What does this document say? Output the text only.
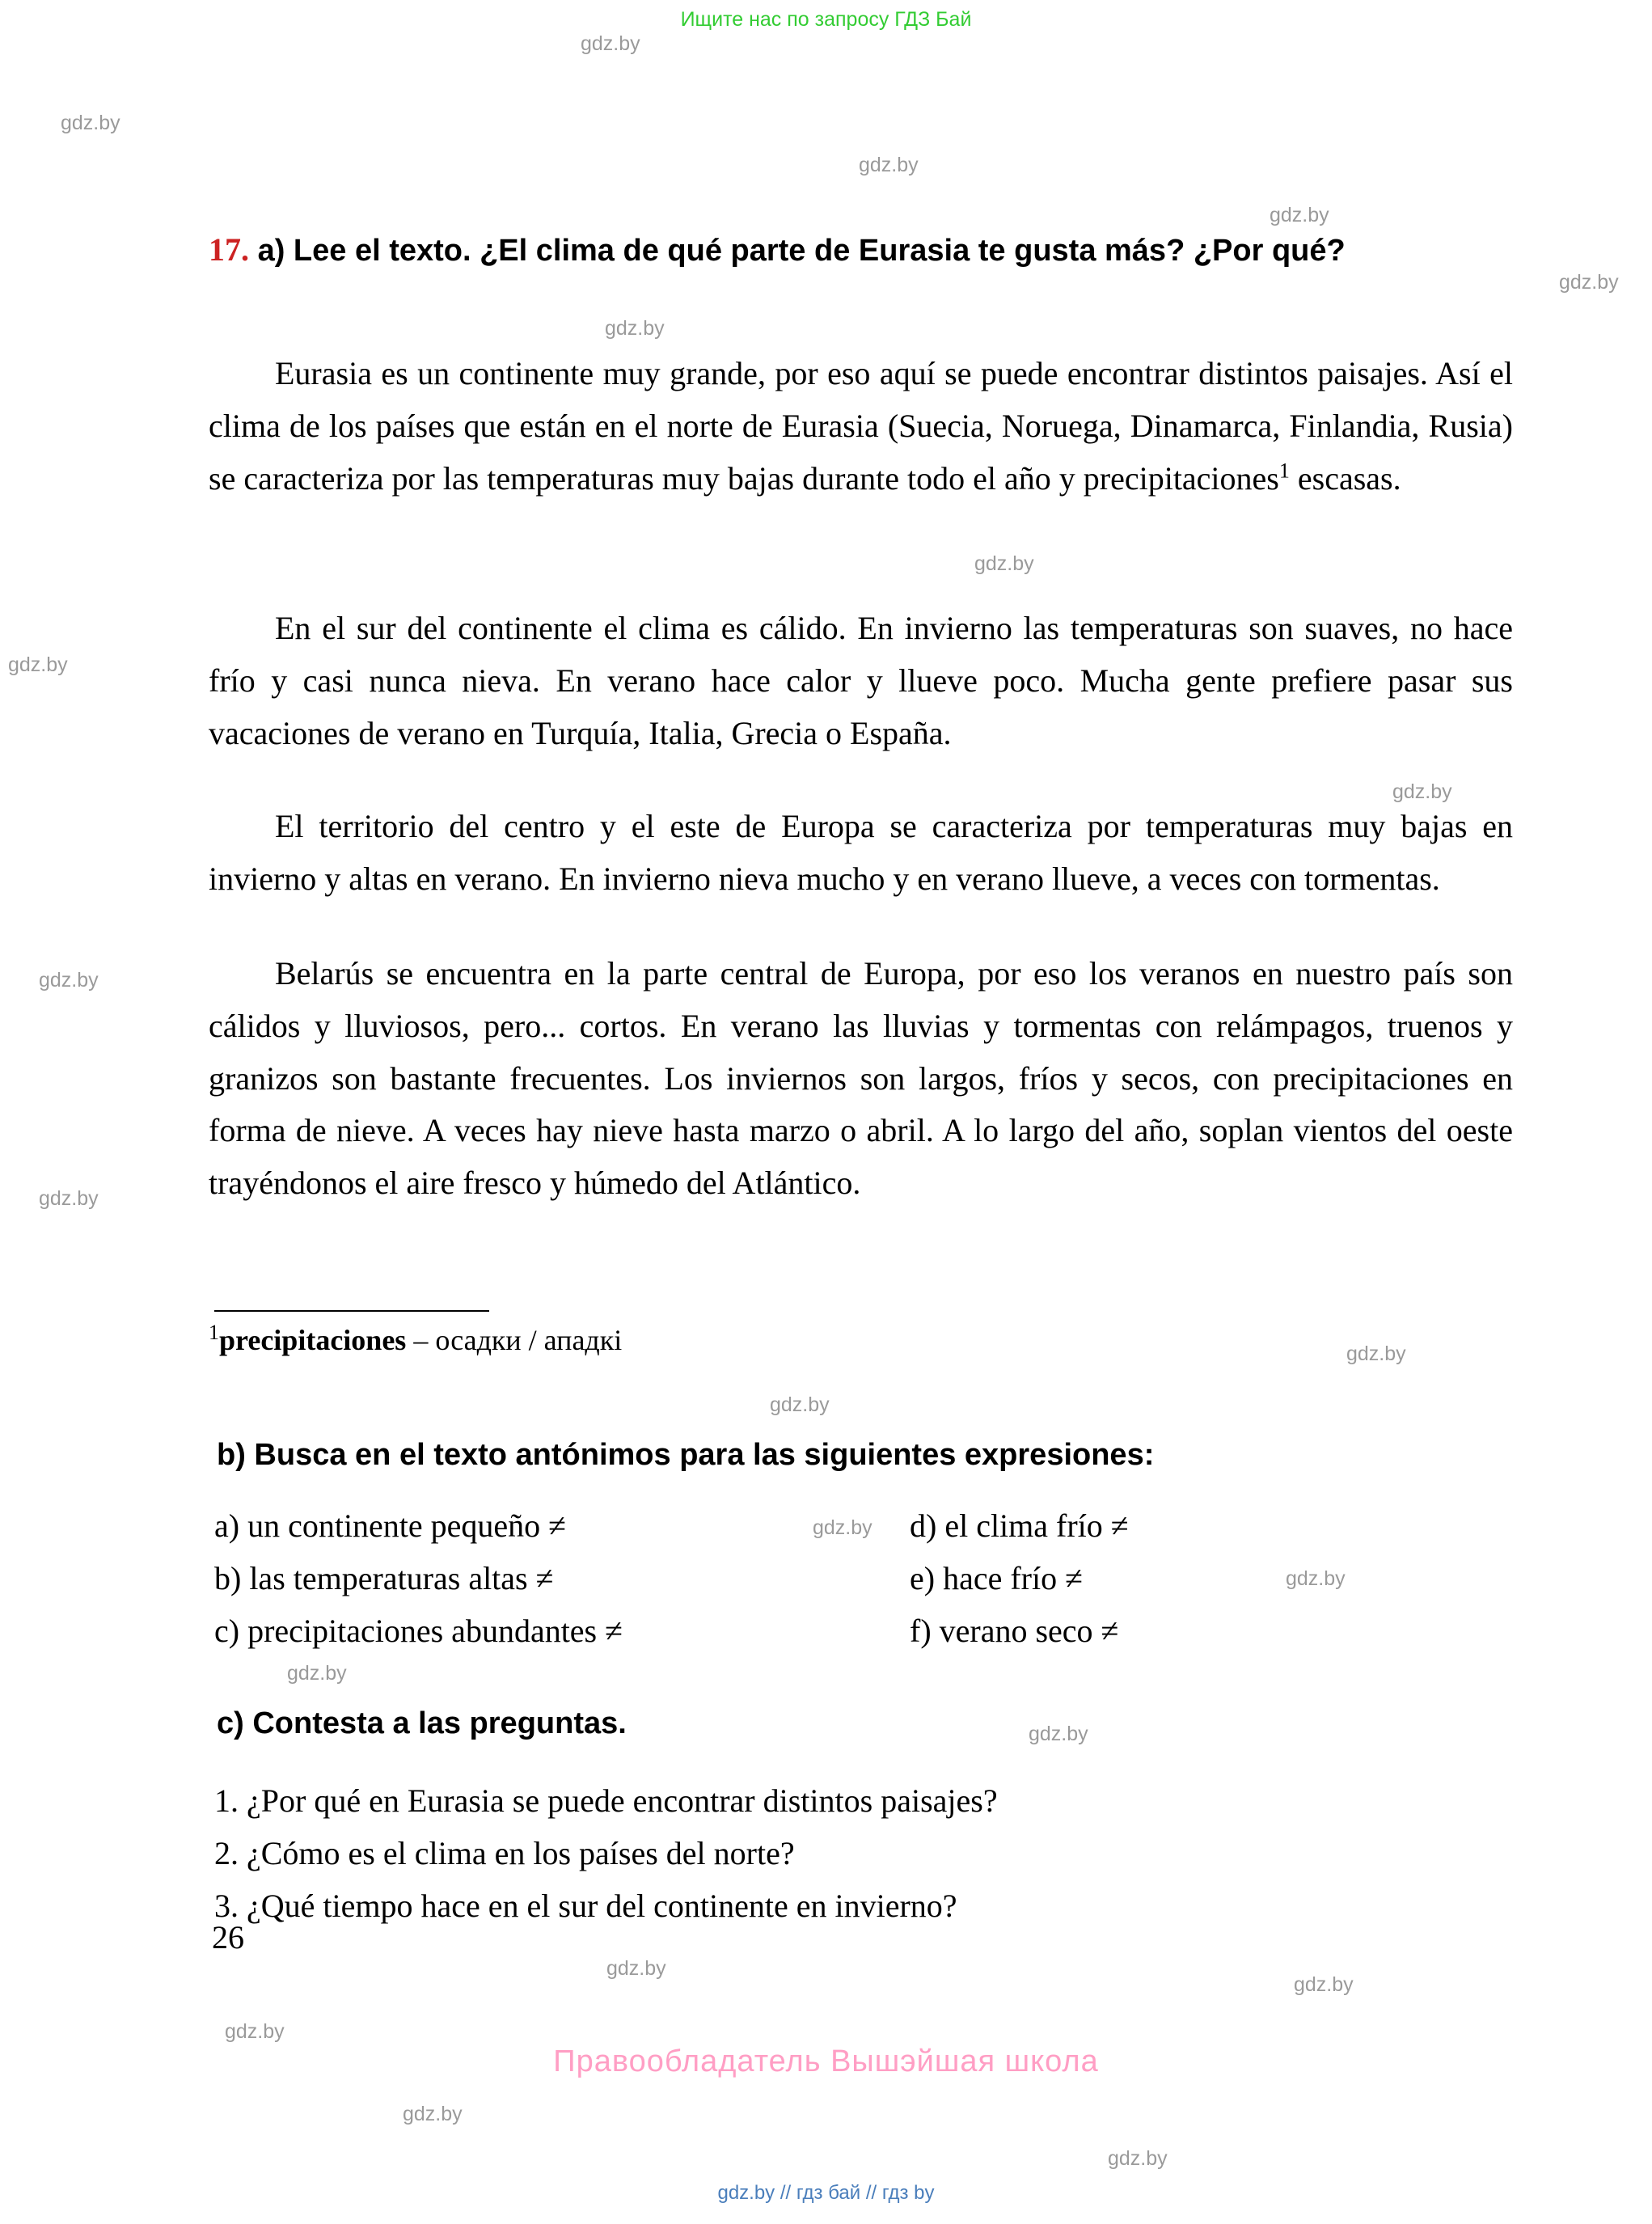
Ищите нас по запросу ГДЗ Бай
gdz.by
gdz.by
gdz.by
gdz.by
gdz.by
gdz.by
gdz.by
gdz.by
gdz.by
gdz.by
gdz.by
gdz.by
gdz.by
gdz.by
gdz.by
gdz.by
gdz.by
gdz.by
gdz.by
gdz.by
gdz.by
gdz.by
17. a) Lee el texto. ¿El clima de qué parte de Eurasia te gusta más? ¿Por qué?

Eurasia es un continente muy grande, por eso aquí se puede encontrar distintos paisajes. Así el clima de los países que están en el norte de Eurasia (Suecia, Noruega, Dinamarca, Finlandia, Rusia) se caracteriza por las temperaturas muy bajas durante todo el año y precipitaciones$^1$ escasas.

En el sur del continente el clima es cálido. En invierno las temperaturas son suaves, no hace frío y casi nunca nieva. En verano hace calor y llueve poco. Mucha gente prefiere pasar sus vacaciones de verano en Turquía, Italia, Grecia o España.

El territorio del centro y el este de Europa se caracteriza por temperaturas muy bajas en invierno y altas en verano. En invierno nieva mucho y en verano llueve, a veces con tormentas.

Belarús se encuentra en la parte central de Europa, por eso los veranos en nuestro país son cálidos y lluviosos, pero... cortos. En verano las lluvias y tormentas con relámpagos, truenos y granizos son bastante frecuentes. Los inviernos son largos, fríos y secos, con precipitaciones en forma de nieve. A veces hay nieve hasta marzo o abril. A lo largo del año, soplan vientos del oeste trayéndonos el aire fresco y húmedo del Atlántico.

$^1$precipitaciones – осадки / ападкі
b) Busca en el texto antónimos para las siguientes expresiones:
a) un continente pequeño ≠
b) las temperaturas altas ≠
c) precipitaciones abundantes ≠
d) el clima frío ≠
e) hace frío ≠
f) verano seco ≠
c) Contesta a las preguntas.
1. ¿Por qué en Eurasia se puede encontrar distintos paisajes?
2. ¿Cómo es el clima en los países del norte?
3. ¿Qué tiempo hace en el sur del continente en invierno?
26
Правообладатель Вышэйшая школа
gdz.by // гдз бай // гдз by
